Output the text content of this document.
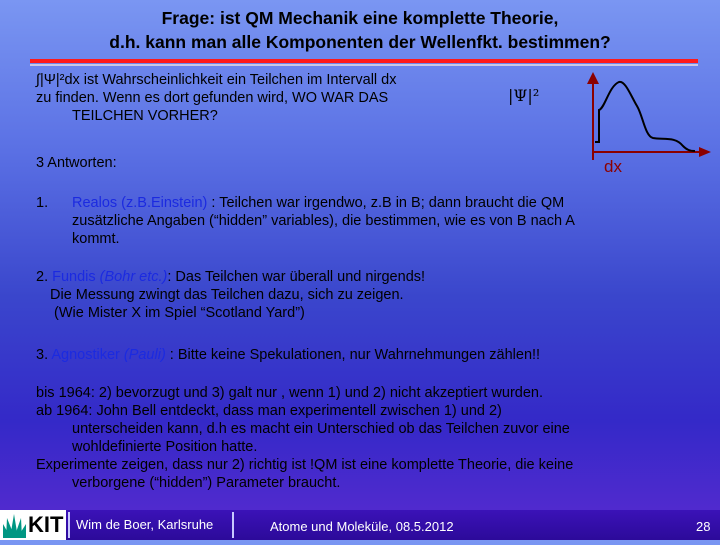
Frage: ist QM Mechanik eine komplette Theorie,
d.h. kann man alle Komponenten der Wellenfkt. bestimmen?
∫|Ψ|²dx ist Wahrscheinlichkeit ein Teilchen im Intervall dx
zu finden. Wenn es dort gefunden wird, WO WAR DAS
TEILCHEN VORHER?
|Ψ|²
dx
3 Antworten:
1. Realos (z.B.Einstein) : Teilchen war irgendwo, z.B in B; dann braucht die QM
zusätzliche Angaben (“hidden” variables), die bestimmen, wie es von B nach A
kommt.
2. Fundis (Bohr etc.): Das Teilchen war überall und nirgends!
Die Messung zwingt das Teilchen dazu, sich zu zeigen.
(Wie Mister X im Spiel “Scotland Yard”)
3. Agnostiker (Pauli) : Bitte keine Spekulationen, nur Wahrnehmungen zählen!!
bis 1964: 2) bevorzugt und 3) galt nur , wenn 1) und 2) nicht akzeptiert wurden.
ab 1964: John Bell entdeckt, dass man experimentell zwischen 1) und 2)
unterscheiden kann, d.h es macht ein Unterschied ob das Teilchen zuvor eine
wohldefinierte Position hatte.
Experimente zeigen, dass nur 2) richtig ist !QM ist eine komplette Theorie, die keine
verborgene (“hidden”) Parameter braucht.
KIT Wim de Boer, Karlsruhe	Atome und Moleküle, 08.5.2012	28
